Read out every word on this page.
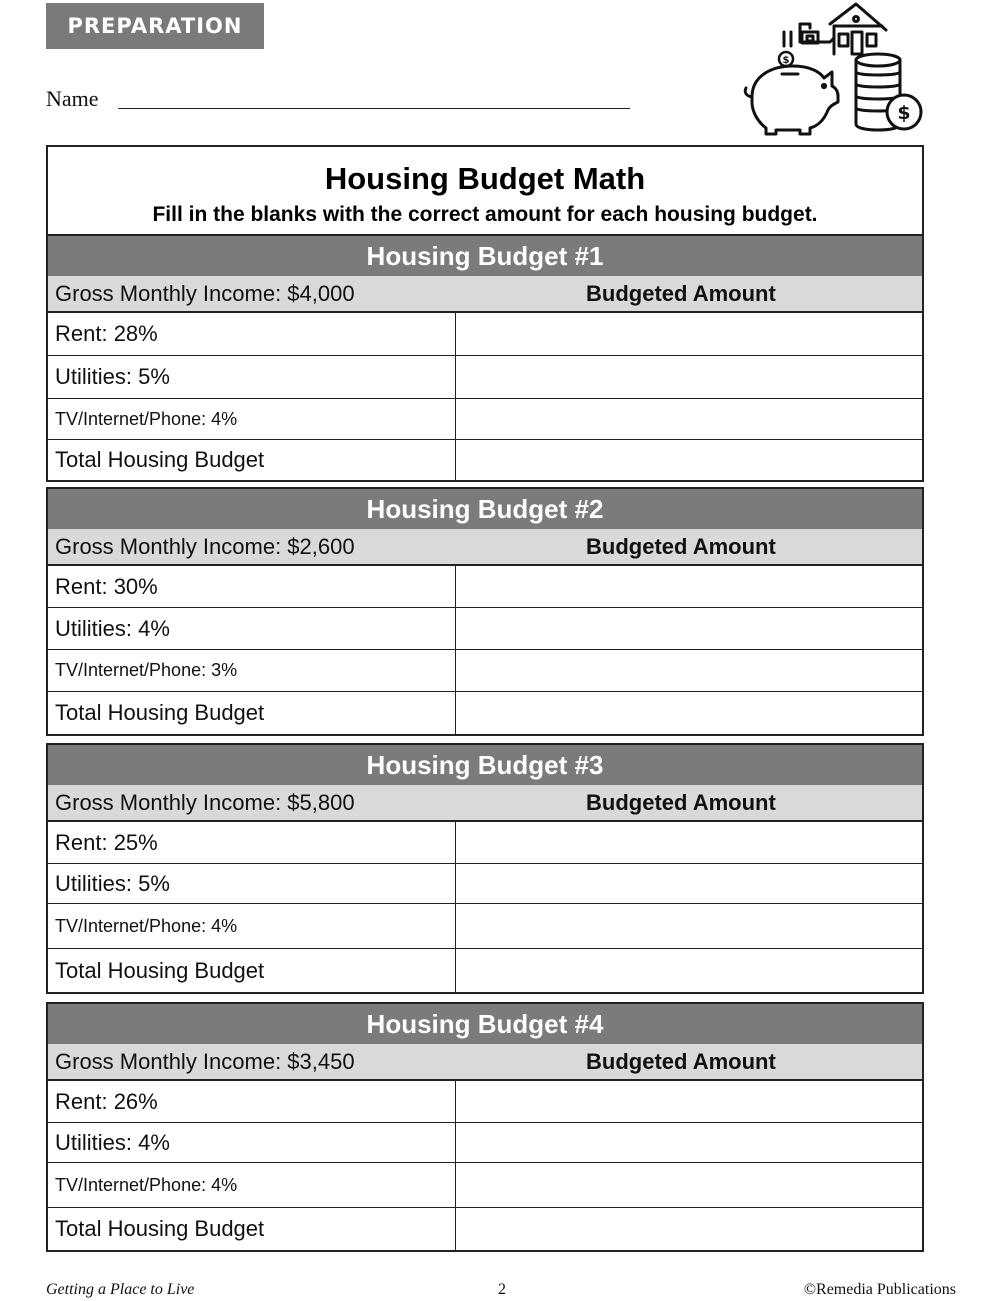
PREPARATION
Name
$
$
Housing Budget Math
Fill in the blanks with the correct amount for each housing budget.
Housing Budget #1
Gross Monthly Income: $4,000	Budgeted Amount
Rent: 28%
Utilities: 5%
TV/Internet/Phone: 4%
Total Housing Budget
Housing Budget #2
Gross Monthly Income: $2,600	Budgeted Amount
Rent: 30%
Utilities: 4%
TV/Internet/Phone: 3%
Total Housing Budget
Housing Budget #3
Gross Monthly Income: $5,800	Budgeted Amount
Rent: 25%
Utilities: 5%
TV/Internet/Phone: 4%
Total Housing Budget
Housing Budget #4
Gross Monthly Income: $3,450	Budgeted Amount
Rent: 26%
Utilities: 4%
TV/Internet/Phone: 4%
Total Housing Budget
Getting a Place to Live	2	©Remedia Publications
